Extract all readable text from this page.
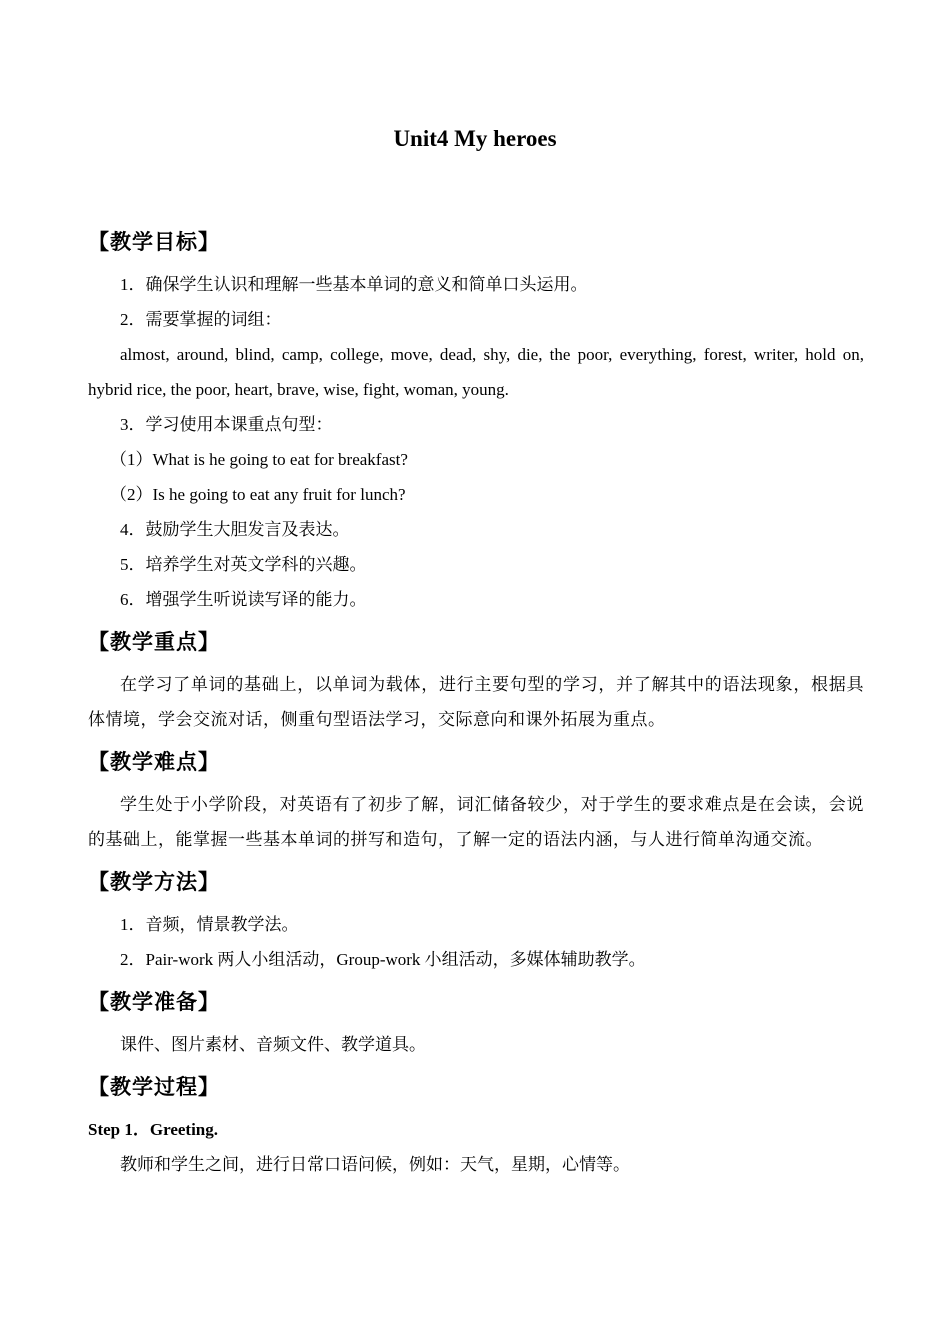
Unit4 My heroes

【教学目标】

1．确保学生认识和理解一些基本单词的意义和简单口头运用。

2．需要掌握的词组：

almost, around, blind, camp, college, move, dead, shy, die, the poor, everything, forest, writer, hold on, hybrid rice, the poor, heart, brave, wise, fight, woman, young.

3．学习使用本课重点句型：

（1）What is he going to eat for breakfast?

（2）Is he going to eat any fruit for lunch?

4．鼓励学生大胆发言及表达。

5．培养学生对英文学科的兴趣。

6．增强学生听说读写译的能力。

【教学重点】

在学习了单词的基础上，以单词为载体，进行主要句型的学习，并了解其中的语法现象，根据具体情境，学会交流对话，侧重句型语法学习，交际意向和课外拓展为重点。

【教学难点】

学生处于小学阶段，对英语有了初步了解，词汇储备较少，对于学生的要求难点是在会读，会说的基础上，能掌握一些基本单词的拼写和造句，了解一定的语法内涵，与人进行简单沟通交流。

【教学方法】

1．音频，情景教学法。

2．Pair-work 两人小组活动，Group-work 小组活动，多媒体辅助教学。

【教学准备】

课件、图片素材、音频文件、教学道具。

【教学过程】

Step 1．Greeting.

教师和学生之间，进行日常口语问候，例如：天气，星期，心情等。
